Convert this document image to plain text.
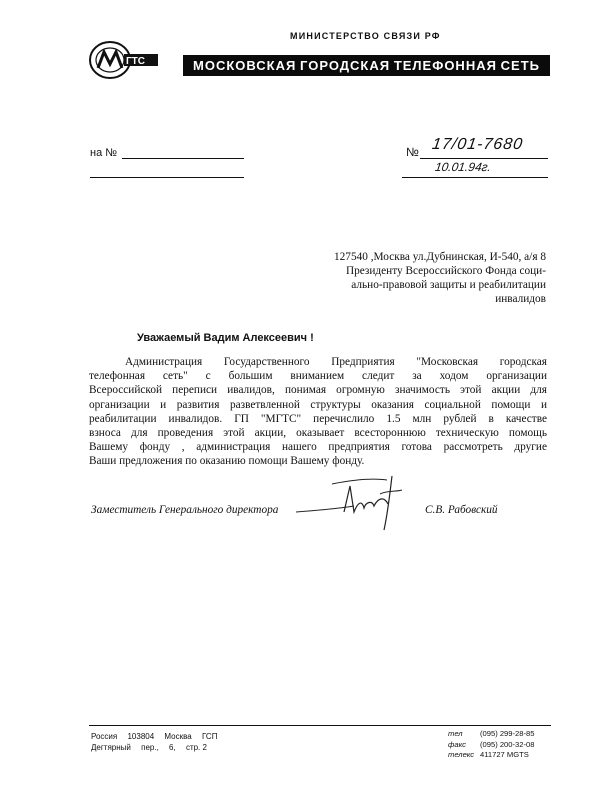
МИНИСТЕРСТВО СВЯЗИ РФ
ГТС	МОСКОВСКАЯ ГОРОДСКАЯ ТЕЛЕФОННАЯ СЕТЬ
на №	№ 17/01-7680
10.01.94г.
127540 ,Москва ул.Дубнинская, И-540, а/я 8
Президенту Всероссийского Фонда соци-
ально-правовой защиты и реабилитации
инвалидов
Уважаемый Вадим Алексеевич !
Администрация Государственного Предприятия "Московская городская
телефонная сеть" с большим вниманием следит за ходом организации
Всероссийской переписи ивалидов, понимая огромную значимость этой акции для
организации и развития разветвленной структуры оказания социальной помощи и
реабилитации инвалидов. ГП "МГТС" перечислило 1.5 млн рублей в качестве
взноса для проведения этой акции, оказывает всестороннюю техническую помощь
Вашему фонду , администрация нашего предприятия готова рассмотреть другие
Ваши предложения по оказанию помощи Вашему фонду.
Заместитель Генерального директора	С.В. Рабовский
Россия 103804 Москва ГСП
Дегтярный пер., 6, стр. 2
тел (095) 299-28-85
факс (095) 200-32-08
телекс 411727 MGTS
